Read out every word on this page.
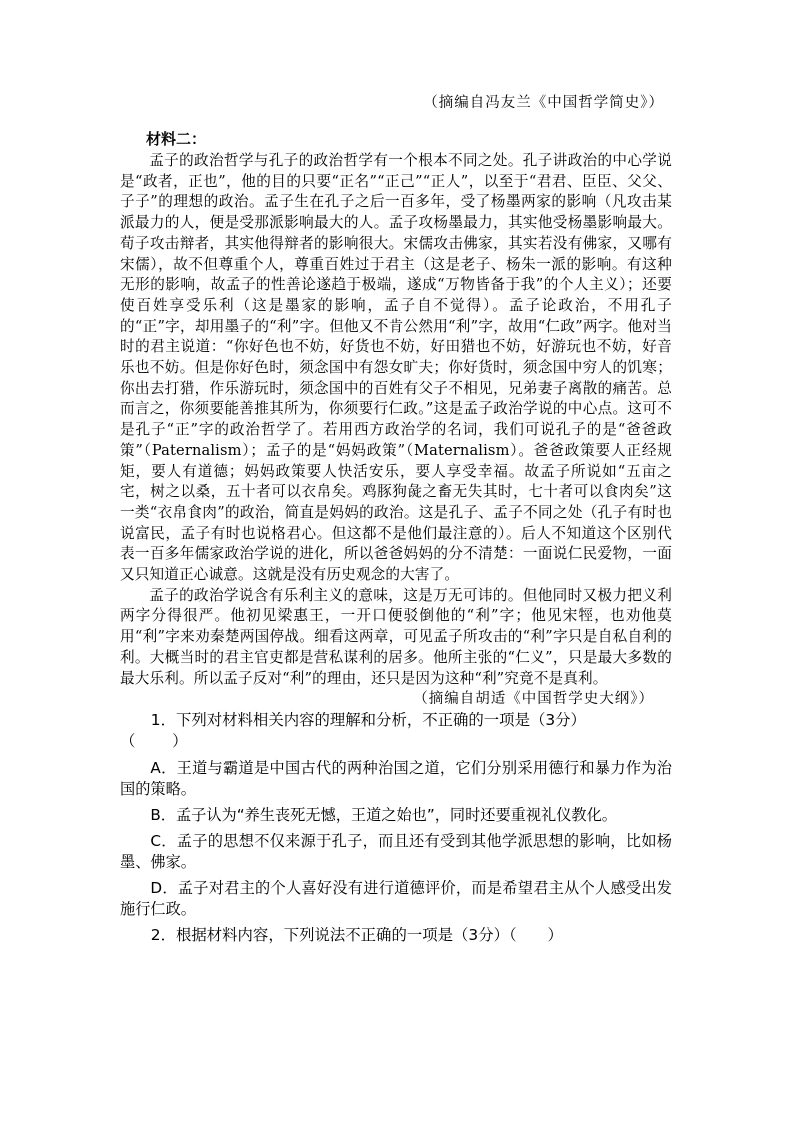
（摘编自冯友兰《中国哲学简史》）
材料二：

孟子的政治哲学与孔子的政治哲学有一个根本不同之处。孔子讲政治的中心学说是“政者，正也”，他的目的只要“正名”“正己”“正人”，以至于“君君、臣臣、父父、子子”的理想的政治。孟子生在孔子之后一百多年，受了杨墨两家的影响（凡攻击某派最力的人，便是受那派影响最大的人。孟子攻杨墨最力，其实他受杨墨影响最大。荀子攻击辩者，其实他得辩者的影响很大。宋儒攻击佛家，其实若没有佛家，又哪有宋儒），故不但尊重个人，尊重百姓过于君主（这是老子、杨朱一派的影响。有这种无形的影响，故孟子的性善论遂趋于极端，遂成“万物皆备于我”的个人主义）；还要使百姓享受乐利（这是墨家的影响，孟子自不觉得）。孟子论政治，不用孔子的“正”字，却用墨子的“利”字。但他又不肯公然用“利”字，故用“仁政”两字。他对当时的君主说道：“你好色也不妨，好货也不妨，好田猎也不妨，好游玩也不妨，好音乐也不妨。但是你好色时，须念国中有怨女旷夫；你好货时，须念国中穷人的饥寒；你出去打猎，作乐游玩时，须念国中的百姓有父子不相见，兄弟妻子离散的痛苦。总而言之，你须要能善推其所为，你须要行仁政。”这是孟子政治学说的中心点。这可不是孔子“正”字的政治哲学了。若用西方政治学的名词，我们可说孔子的是“爸爸政策”（Paternalism）；孟子的是“妈妈政策”（Maternalism）。爸爸政策要人正经规矩，要人有道德；妈妈政策要人快活安乐，要人享受幸福。故孟子所说如“五亩之宅，树之以桑，五十者可以衣帛矣。鸡豚狗彘之畜无失其时，七十者可以食肉矣”这一类“衣帛食肉”的政治，简直是妈妈的政治。这是孔子、孟子不同之处（孔子有时也说富民，孟子有时也说格君心。但这都不是他们最注意的）。后人不知道这个区别代表一百多年儒家政治学说的进化，所以爸爸妈妈的分不清楚：一面说仁民爱物，一面又只知道正心诚意。这就是没有历史观念的大害了。

孟子的政治学说含有乐利主义的意味，这是万无可讳的。但他同时又极力把义利两字分得很严。他初见梁惠王，一开口便驳倒他的“利”字；他见宋牼，也劝他莫用“利”字来劝秦楚两国停战。细看这两章，可见孟子所攻击的“利”字只是自私自利的利。大概当时的君主官吏都是营私谋利的居多。他所主张的“仁义”，只是最大多数的最大乐利。所以孟子反对“利”的理由，还只是因为这种“利”究竟不是真利。

（摘编自胡适《中国哲学史大纲》）

1．下列对材料相关内容的理解和分析，不正确的一项是（3分）

（　　）

A．王道与霸道是中国古代的两种治国之道，它们分别采用德行和暴力作为治国的策略。

B．孟子认为“养生丧死无憾，王道之始也”，同时还要重视礼仪教化。

C．孟子的思想不仅来源于孔子，而且还有受到其他学派思想的影响，比如杨墨、佛家。

D．孟子对君主的个人喜好没有进行道德评价，而是希望君主从个人感受出发施行仁政。

2．根据材料内容，下列说法不正确的一项是（3分）（　　）
